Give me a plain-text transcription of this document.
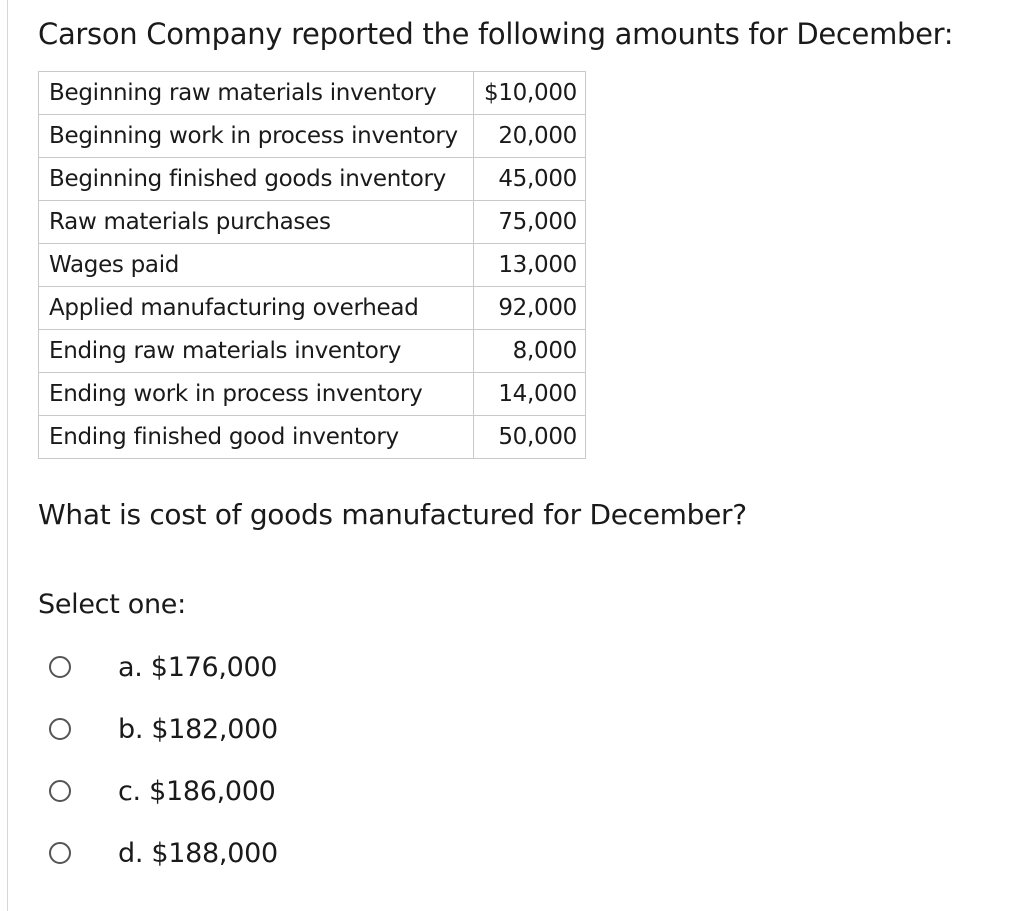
Carson Company reported the following amounts for December:
Beginning raw materials inventory	$10,000
Beginning work in process inventory	20,000
Beginning finished goods inventory	45,000
Raw materials purchases	75,000
Wages paid	13,000
Applied manufacturing overhead	92,000
Ending raw materials inventory	8,000
Ending work in process inventory	14,000
Ending finished good inventory	50,000
What is cost of goods manufactured for December?
Select one:
a. $176,000
b. $182,000
c. $186,000
d. $188,000
